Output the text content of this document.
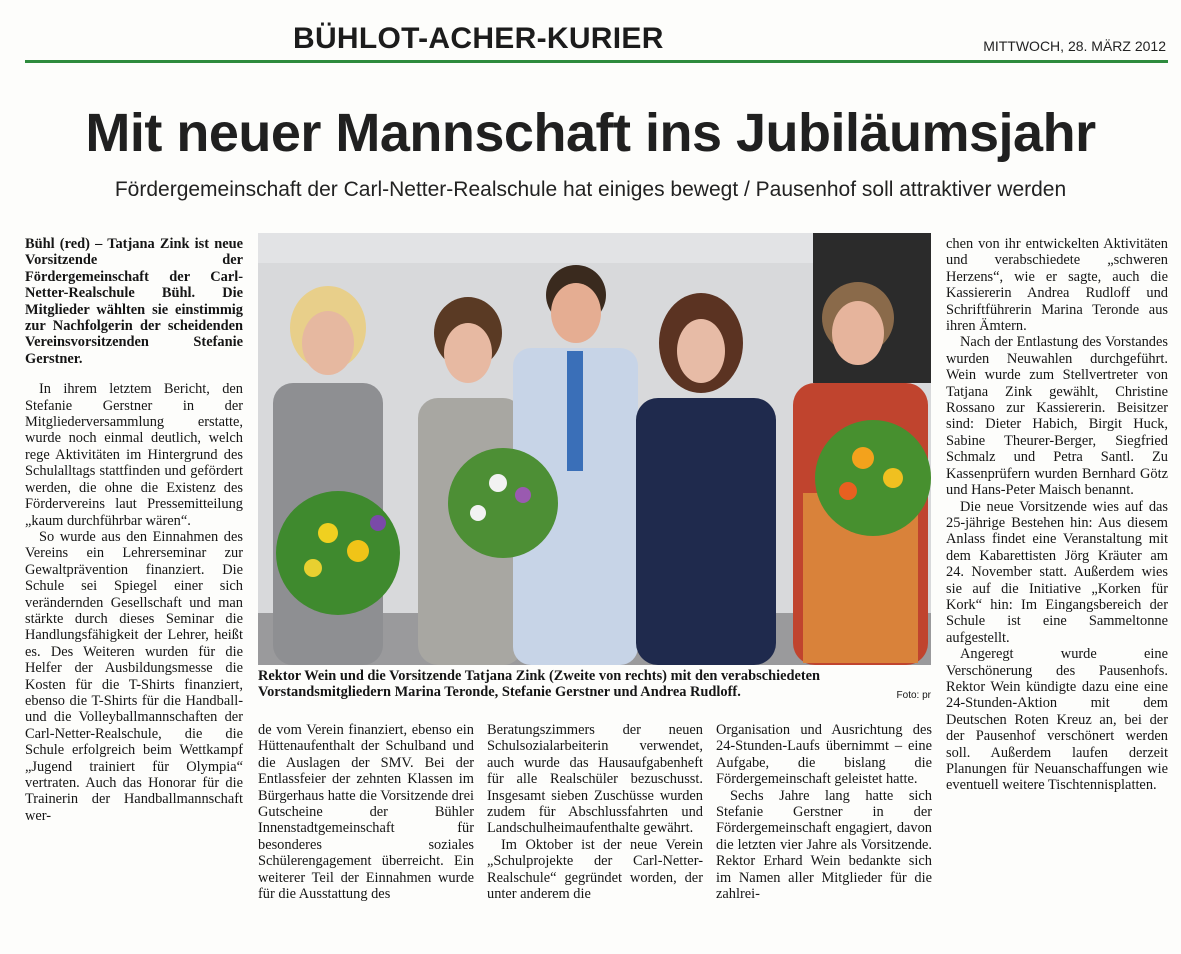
BÜHLOT-ACHER-KURIER	MITTWOCH, 28. MÄRZ 2012
Mit neuer Mannschaft ins Jubiläumsjahr
Fördergemeinschaft der Carl-Netter-Realschule hat einiges bewegt / Pausenhof soll attraktiver werden

Bühl (red) – Tatjana Zink ist neue Vorsitzende der Fördergemeinschaft der Carl-Netter-Realschule Bühl. Die Mitglieder wählten sie einstimmig zur Nachfolgerin der scheidenden Vereinsvorsitzenden Stefanie Gerstner.

In ihrem letztem Bericht, den Stefanie Gerstner in der Mitgliederversammlung erstatte, wurde noch einmal deutlich, welch rege Aktivitäten im Hintergrund des Schulalltags stattfinden und gefördert werden, die ohne die Existenz des Fördervereins laut Pressemitteilung „kaum durchführbar wären“.

So wurde aus den Einnahmen des Vereins ein Lehrerseminar zur Gewaltprävention finanziert. Die Schule sei Spiegel einer sich verändernden Gesellschaft und man stärkte durch dieses Seminar die Handlungsfähigkeit der Lehrer, heißt es. Des Weiteren wurden für die Helfer der Ausbildungsmesse die Kosten für die T-Shirts finanziert, ebenso die T-Shirts für die Handball- und die Volleyballmannschaften der Carl-Netter-Realschule, die die Schule erfolgreich beim Wettkampf „Jugend trainiert für Olympia“ vertraten. Auch das Honorar für die Trainerin der Handballmannschaft wer-

Rektor Wein und die Vorsitzende Tatjana Zink (Zweite von rechts) mit den verabschiedeten Vorstandsmitgliedern Marina Teronde, Stefanie Gerstner und Andrea Rudloff.	Foto: pr

de vom Verein finanziert, ebenso ein Hüttenaufenthalt der Schulband und die Auslagen der SMV. Bei der Entlassfeier der zehnten Klassen im Bürgerhaus hatte die Vorsitzende drei Gutscheine der Bühler Innenstadtgemeinschaft für besonderes soziales Schülerengagement überreicht. Ein weiterer Teil der Einnahmen wurde für die Ausstattung des

Beratungszimmers der neuen Schulsozialarbeiterin verwendet, auch wurde das Hausaufgabenheft für alle Realschüler bezuschusst. Insgesamt sieben Zuschüsse wurden zudem für Abschlussfahrten und Landschulheimaufenthalte gewährt.

Im Oktober ist der neue Verein „Schulprojekte der Carl-Netter-Realschule“ gegründet worden, der unter anderem die

Organisation und Ausrichtung des 24-Stunden-Laufs übernimmt – eine Aufgabe, die bislang die Fördergemeinschaft geleistet hatte.

Sechs Jahre lang hatte sich Stefanie Gerstner in der Fördergemeinschaft engagiert, davon die letzten vier Jahre als Vorsitzende. Rektor Erhard Wein bedankte sich im Namen aller Mitglieder für die zahlrei-

chen von ihr entwickelten Aktivitäten und verabschiedete „schweren Herzens“, wie er sagte, auch die Kassiererin Andrea Rudloff und Schriftführerin Marina Teronde aus ihren Ämtern.

Nach der Entlastung des Vorstandes wurden Neuwahlen durchgeführt. Wein wurde zum Stellvertreter von Tatjana Zink gewählt, Christine Rossano zur Kassiererin. Beisitzer sind: Dieter Habich, Birgit Huck, Sabine Theurer-Berger, Siegfried Schmalz und Petra Santl. Zu Kassenprüfern wurden Bernhard Götz und Hans-Peter Maisch benannt.

Die neue Vorsitzende wies auf das 25-jährige Bestehen hin: Aus diesem Anlass findet eine Veranstaltung mit dem Kabarettisten Jörg Kräuter am 24. November statt. Außerdem wies sie auf die Initiative „Korken für Kork“ hin: Im Eingangsbereich der Schule ist eine Sammeltonne aufgestellt.

Angeregt wurde eine Verschönerung des Pausenhofs. Rektor Wein kündigte dazu eine eine 24-Stunden-Aktion mit dem Deutschen Roten Kreuz an, bei der der Pausenhof verschönert werden soll. Außerdem laufen derzeit Planungen für Neuanschaffungen wie eventuell weitere Tischtennisplatten.
